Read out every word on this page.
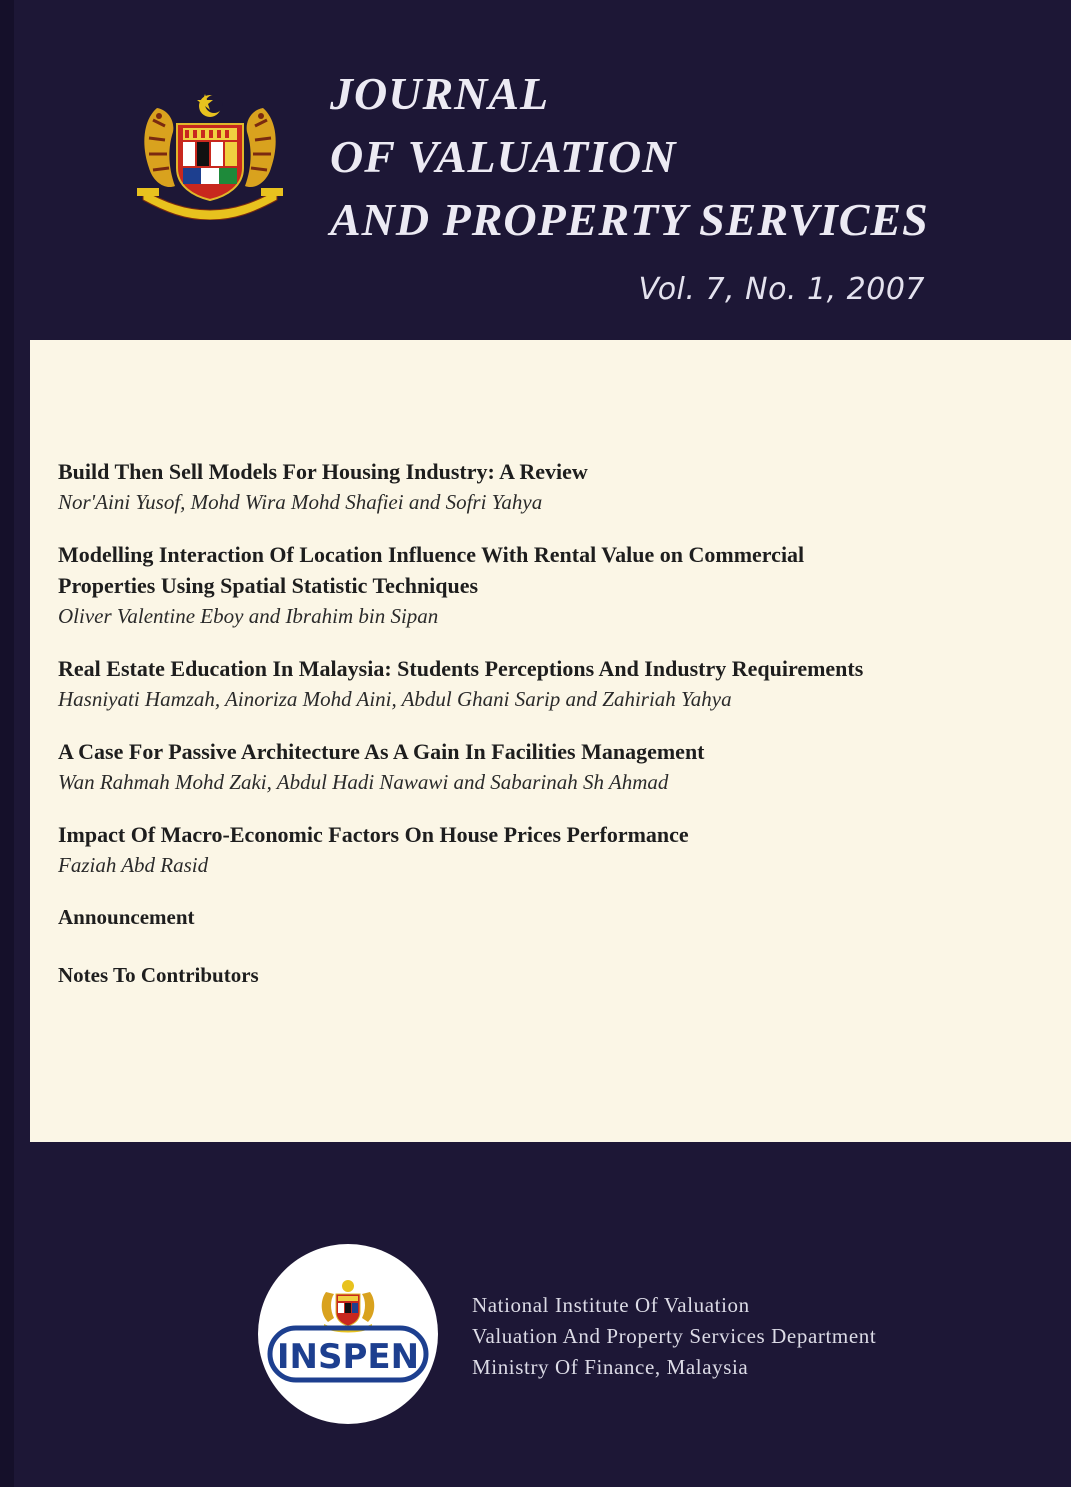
JOURNAL
OF VALUATION
AND PROPERTY SERVICES
Vol. 7, No. 1, 2007
Build Then Sell Models For Housing Industry: A Review
Nor'Aini Yusof, Mohd Wira Mohd Shafiei and Sofri Yahya
Modelling Interaction Of Location Influence With Rental Value on Commercial
Properties Using Spatial Statistic Techniques
Oliver Valentine Eboy and Ibrahim bin Sipan
Real Estate Education In Malaysia: Students Perceptions And Industry Requirements
Hasniyati Hamzah, Ainoriza Mohd Aini, Abdul Ghani Sarip and Zahiriah Yahya
A Case For Passive Architecture As A Gain In Facilities Management
Wan Rahmah Mohd Zaki, Abdul Hadi Nawawi and Sabarinah Sh Ahmad
Impact Of Macro-Economic Factors On House Prices Performance
Faziah Abd Rasid
Announcement
Notes To Contributors
INSPEN
National Institute Of Valuation
Valuation And Property Services Department
Ministry Of Finance, Malaysia
